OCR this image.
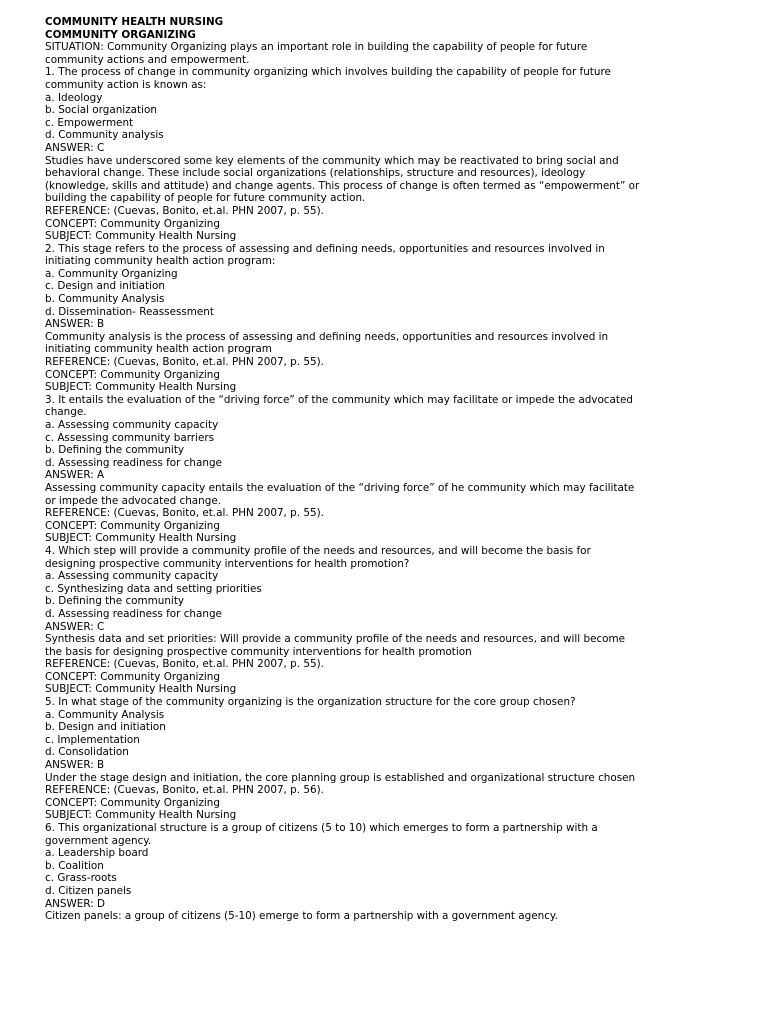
COMMUNITY HEALTH NURSING
COMMUNITY ORGANIZING
SITUATION: Community Organizing plays an important role in building the capability of people for future
community actions and empowerment.
1. The process of change in community organizing which involves building the capability of people for future
community action is known as:
a. Ideology
b. Social organization
c. Empowerment
d. Community analysis
ANSWER: C
Studies have underscored some key elements of the community which may be reactivated to bring social and
behavioral change. These include social organizations (relationships, structure and resources), ideology
(knowledge, skills and attitude) and change agents. This process of change is often termed as “empowerment” or
building the capability of people for future community action.
REFERENCE: (Cuevas, Bonito, et.al. PHN 2007, p. 55).
CONCEPT: Community Organizing
SUBJECT: Community Health Nursing
2. This stage refers to the process of assessing and defining needs, opportunities and resources involved in
initiating community health action program:
a. Community Organizing
c. Design and initiation
b. Community Analysis
d. Dissemination- Reassessment
ANSWER: B
Community analysis is the process of assessing and defining needs, opportunities and resources involved in
initiating community health action program
REFERENCE: (Cuevas, Bonito, et.al. PHN 2007, p. 55).
CONCEPT: Community Organizing
SUBJECT: Community Health Nursing
3. It entails the evaluation of the “driving force” of the community which may facilitate or impede the advocated
change.
a. Assessing community capacity
c. Assessing community barriers
b. Defining the community
d. Assessing readiness for change
ANSWER: A
Assessing community capacity entails the evaluation of the “driving force” of he community which may facilitate
or impede the advocated change.
REFERENCE: (Cuevas, Bonito, et.al. PHN 2007, p. 55).
CONCEPT: Community Organizing
SUBJECT: Community Health Nursing
4. Which step will provide a community profile of the needs and resources, and will become the basis for
designing prospective community interventions for health promotion?
a. Assessing community capacity
c. Synthesizing data and setting priorities
b. Defining the community
d. Assessing readiness for change
ANSWER: C
Synthesis data and set priorities: Will provide a community profile of the needs and resources, and will become
the basis for designing prospective community interventions for health promotion
REFERENCE: (Cuevas, Bonito, et.al. PHN 2007, p. 55).
CONCEPT: Community Organizing
SUBJECT: Community Health Nursing
5. In what stage of the community organizing is the organization structure for the core group chosen?
a. Community Analysis
b. Design and initiation
c. Implementation
d. Consolidation
ANSWER: B
Under the stage design and initiation, the core planning group is established and organizational structure chosen
REFERENCE: (Cuevas, Bonito, et.al. PHN 2007, p. 56).
CONCEPT: Community Organizing
SUBJECT: Community Health Nursing
6. This organizational structure is a group of citizens (5 to 10) which emerges to form a partnership with a
government agency.
a. Leadership board
b. Coalition
c. Grass-roots
d. Citizen panels
ANSWER: D
Citizen panels: a group of citizens (5-10) emerge to form a partnership with a government agency.
